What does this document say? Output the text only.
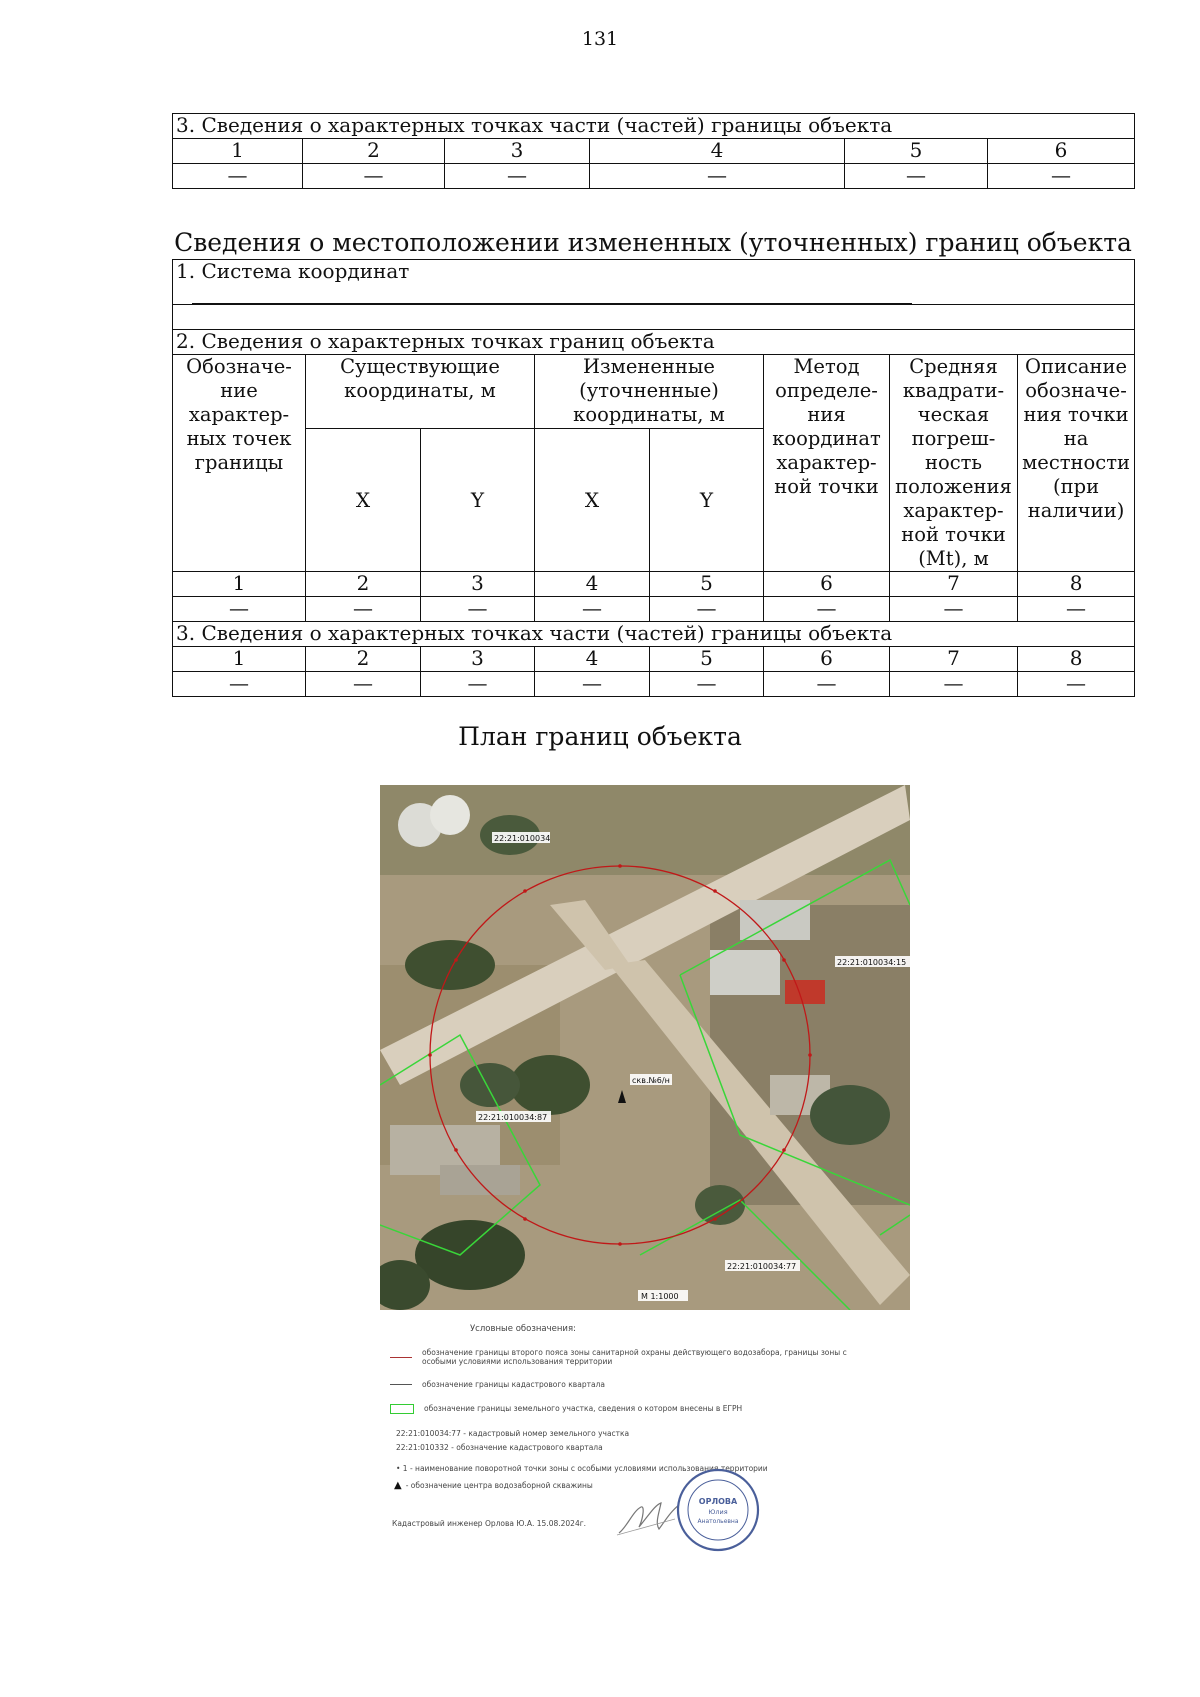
131
3. Сведения о характерных точках части (частей) границы объекта					
1	2	3	4	5	6
—	—	—	—	—	—
Сведения о местоположении измененных (уточненных) границ объекта
1. Система координат							

2. Сведения о характерных точках границ объекта							
Обозначе- ние характер- ных точек границы	Существующие координаты, м		Измененные (уточненные) координаты, м		Метод определе- ния координат характер- ной точки	Средняя квадрати- ческая погреш- ность положения характер- ной точки (Mt), м	Описание обозначе- ния точки на местности (при наличии)
	X	Y	X	Y			
1	2	3	4	5	6	7	8
—	—	—	—	—	—	—	—
3. Сведения о характерных точках части (частей) границы объекта							
1	2	3	4	5	6	7	8
—	—	—	—	—	—	—	—
План границ объекта
22:21:010034
22:21:010034:15
22:21:010034:87
22:21:010034:77
скв.№6/н
М 1:1000
Условные обозначения:
обозначение границы второго пояса зоны санитарной охраны действующего водозабора, границы зоны с особыми условиями использования территории
обозначение границы кадастрового квартала
обозначение границы земельного участка, сведения о котором внесены в ЕГРН
22:21:010034:77 - кадастровый номер земельного участка
22:21:010332 - обозначение кадастрового квартала
• 1 - наименование поворотной точки зоны с особыми условиями использования территории
▲ - обозначение центра водозаборной скважины
Кадастровый инженер Орлова Ю.А. 15.08.2024г.
ОРЛОВА
Юлия
Анатольевна
